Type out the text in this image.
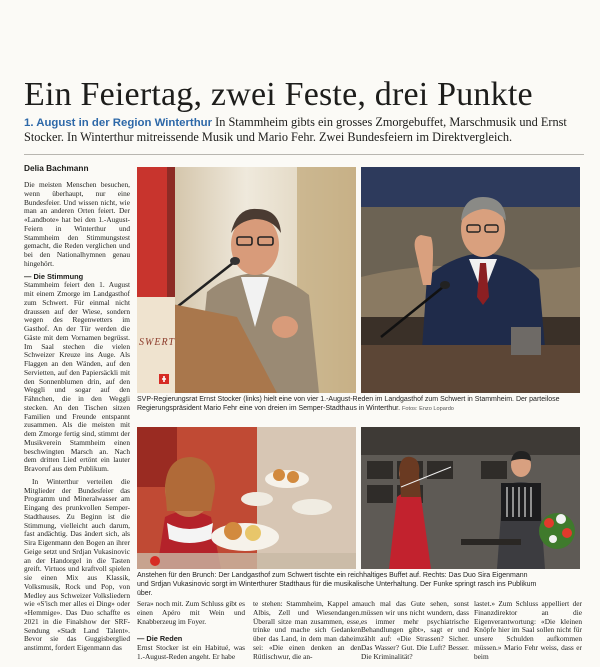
Ein Feiertag, zwei Feste, drei Punkte
1. August in der Region Winterthur In Stammheim gibts ein grosses Zmorgebuffet, Marschmusik und Ernst Stocker. In Winterthur mitreissende Musik und Mario Fehr. Zwei Bundesfeiern im Direktvergleich.
Delia Bachmann

Die meisten Menschen besuchen, wenn überhaupt, nur eine Bundesfeier. Und wissen nicht, wie man an anderen Orten feiert. Der «Landbote» hat bei den 1.-August-Feiern in Winterthur und Stammheim den Stimmungstest gemacht, die Reden verglichen und bei den Nationalhymnen genau hingehört.

— Die Stimmung
Stammheim feiert den 1. August mit einem Zmorge im Landgasthof zum Schwert. Für einmal nicht draussen auf der Wiese, sondern wegen des Regenwetters im Gasthof. An der Tür werden die Gäste mit dem Vornamen begrüsst. Im Saal stechen die vielen Schweizer Kreuze ins Auge. Als Flaggen an den Wänden, auf den Servietten, auf den Papiersäckli mit den Sonnenblumen drin, auf den Weggli und sogar auf den Fähnchen, die in den Weggli stecken. An den Tischen sitzen Familien und Freunde entspannt zusammen. Als die meisten mit dem Zmorge fertig sind, stimmt der Musikverein Stammheim einen beschwingten Marsch an. Nach dem dritten Lied ertönt ein lauter Bravoruf aus dem Publikum.

In Winterthur verteilen die Mitglieder der Bundesfeier das Programm und Mineralwasser am Eingang des prunkvollen Semper-Stadthauses. Zu Beginn ist die Stimmung, vielleicht auch darum, fast andächtig. Das ändert sich, als Sira Eigenmann den Bogen an ihrer Geige setzt und Srdjan Vukasinovic an der Handorgel in die Tasten greift. Virtuos und kraftvoll spielen sie einen Mix aus Klassik, Volksmusik, Rock und Pop, von Medley aus Schweizer Volksliedern wie «S'isch mer alles ei Ding» oder «Hemmige». Das Duo schaffte es 2021 in die Finalshow der SRF-Sendung «Stadt Land Talent». Bevor sie das Guggisberglied anstimmt, fordert Eigenmann das

SWERT
SVP-Regierungsrat Ernst Stocker (links) hielt eine von vier 1.-August-Reden im Landgasthof zum Schwert in Stammheim. Der parteilose Regierungspräsident Mario Fehr eine von dreien im Semper-Stadthaus in Winterthur. Fotos: Enzo Lopardo
Anstehen für den Brunch: Der Landgasthof zum Schwert tischte ein reichhaltiges Buffet auf. Rechts: Das Duo Sira Eigenmann und Srdjan Vukasinovic sorgt im Winterthurer Stadthaus für die musikalische Unterhaltung. Der Funke springt rasch ins Publikum über.
Sera» noch mit. Zum Schluss gibt es einen Apéro mit Wein und Knabberzeug im Foyer.

— Die Reden
Ernst Stocker ist ein Habitué, was 1.-August-Reden angeht. Er habe
te stehen: Stammheim, Kappel am Albis, Zell und Wiesendangen. Überall sitze man zusammen, esse, trinke und mache sich Gedanken über das Land, in dem man daheim sei: «Die einen denken an den Rütlischwur, die an-
auch mal das Gute sehen, sonst müssen wir uns nicht wundern, dass es immer mehr psychiatrische Behandlungen gibt», sagt er und zählt auf: «Die Strassen? Sicher. Das Wasser? Gut. Die Luft? Besser. Die Kriminalität?
lastet.» Zum Schluss appelliert der Finanzdirektor an die Eigenverantwortung: «Die kleinen Knöpfe hier im Saal sollen nicht für unsere Schulden aufkommen müssen.» Mario Fehr weiss, dass er beim
